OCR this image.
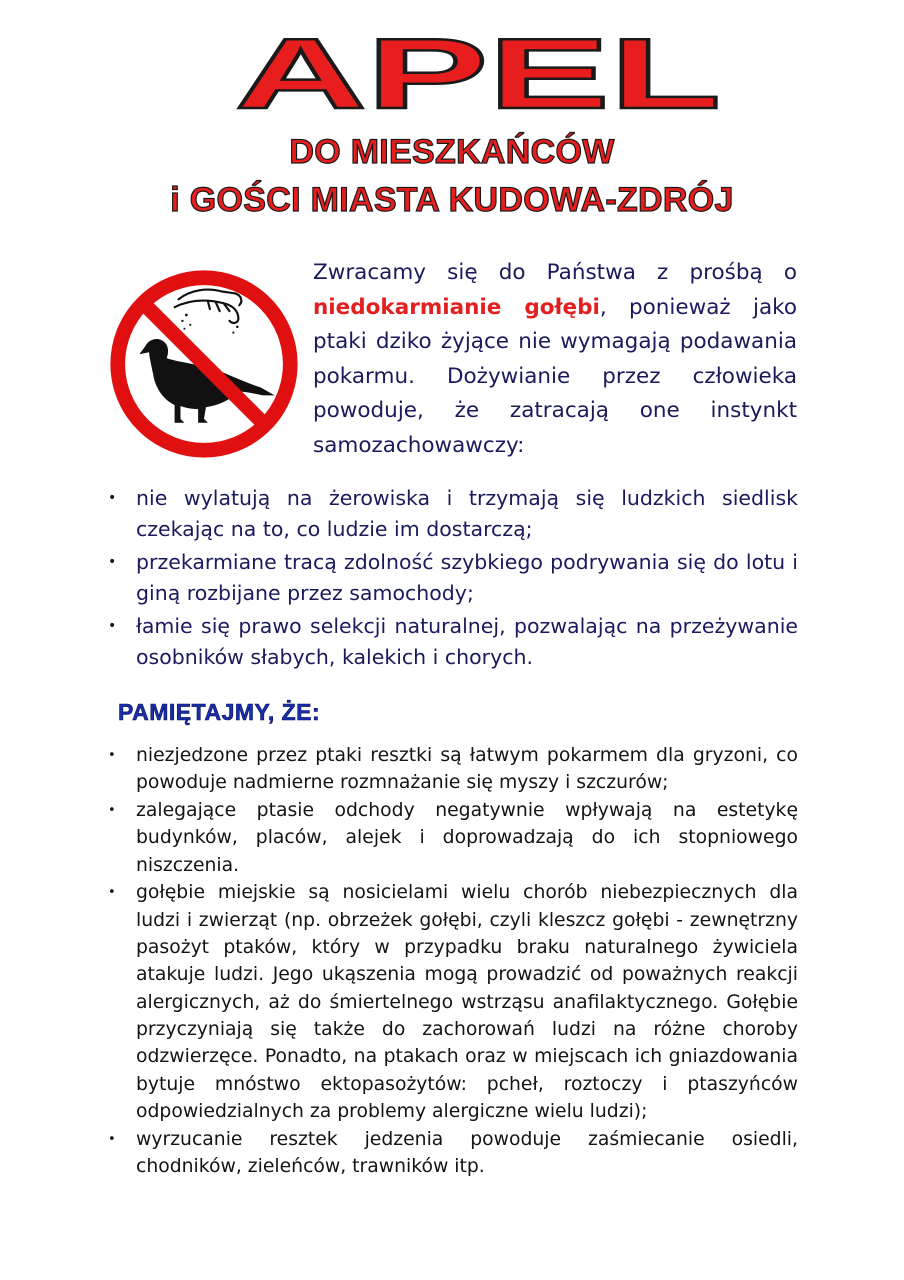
APEL
DO MIESZKAŃCÓW
i GOŚCI MIASTA KUDOWA-ZDRÓJ
Zwracamy się do Państwa z prośbą o niedokarmianie gołębi, ponieważ jako ptaki dziko żyjące nie wymagają podawania pokarmu. Dożywianie przez człowieka powoduje, że zatracają one instynkt samozachowawczy:
• nie wylatują na żerowiska i trzymają się ludzkich siedlisk czekając na to, co ludzie im dostarczą;
• przekarmiane tracą zdolność szybkiego podrywania się do lotu i giną rozbijane przez samochody;
• łamie się prawo selekcji naturalnej, pozwalając na przeżywanie osobników słabych, kalekich i chorych.
PAMIĘTAJMY, ŻE:
• niezjedzone przez ptaki resztki są łatwym pokarmem dla gryzoni, co powoduje nadmierne rozmnażanie się myszy i szczurów;
• zalegające ptasie odchody negatywnie wpływają na estetykę budynków, placów, alejek i doprowadzają do ich stopniowego niszczenia.
• gołębie miejskie są nosicielami wielu chorób niebezpiecznych dla ludzi i zwierząt (np. obrzeżek gołębi, czyli kleszcz gołębi - zewnętrzny pasożyt ptaków, który w przypadku braku naturalnego żywiciela atakuje ludzi. Jego ukąszenia mogą prowadzić od poważnych reakcji alergicznych, aż do śmiertelnego wstrząsu anafilaktycznego. Gołębie przyczyniają się także do zachorowań ludzi na różne choroby odzwierzęce. Ponadto, na ptakach oraz w miejscach ich gniazdowania bytuje mnóstwo ektopasożytów: pcheł, roztoczy i ptaszyńców odpowiedzialnych za problemy alergiczne wielu ludzi);
• wyrzucanie resztek jedzenia powoduje zaśmiecanie osiedli, chodników, zieleńców, trawników itp.
